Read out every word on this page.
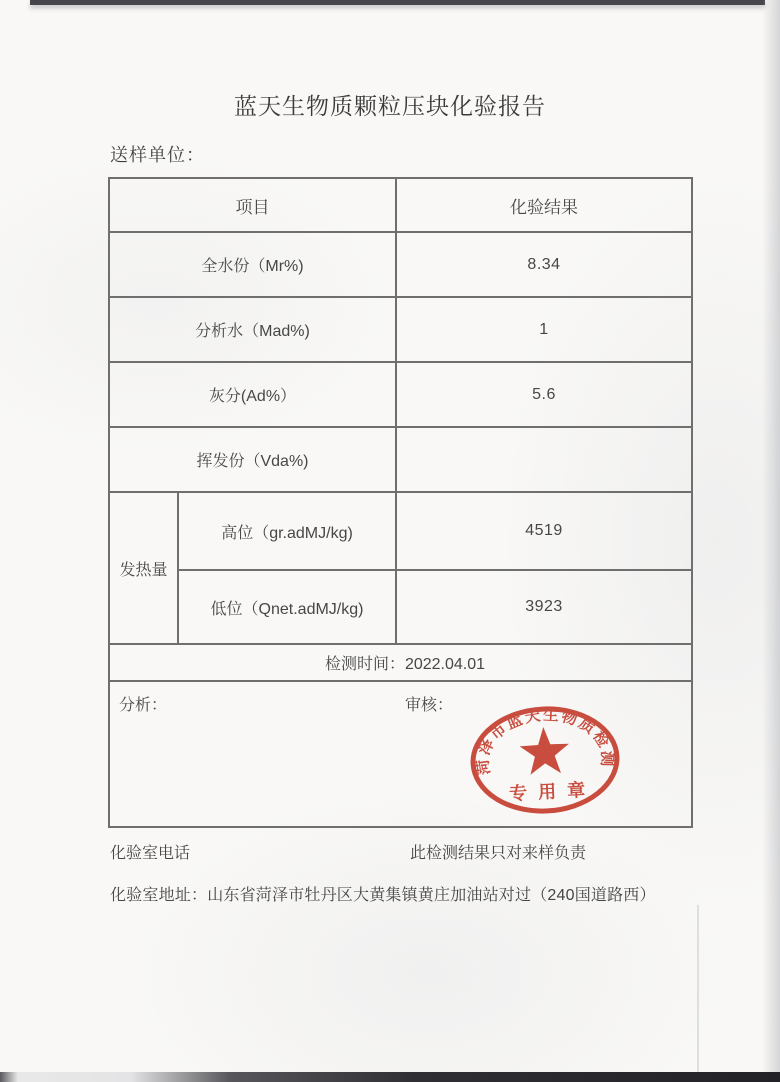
蓝天生物质颗粒压块化验报告
送样单位：
项目		化验结果
全水份（Mr%)		8.34
分析水（Mad%)		1
灰分(Ad%）		5.6
挥发份（Vda%)		
发热量	高位（gr.adMJ/kg)	4519
	低位（Qnet.adMJ/kg)	3923
检测时间：2022.04.01		

分析： 审核：		
菏泽市蓝天生物质检测
专用章
化验室电话	此检测结果只对来样负责
化验室地址：山东省菏泽市牡丹区大黄集镇黄庄加油站对过（240国道路西）
